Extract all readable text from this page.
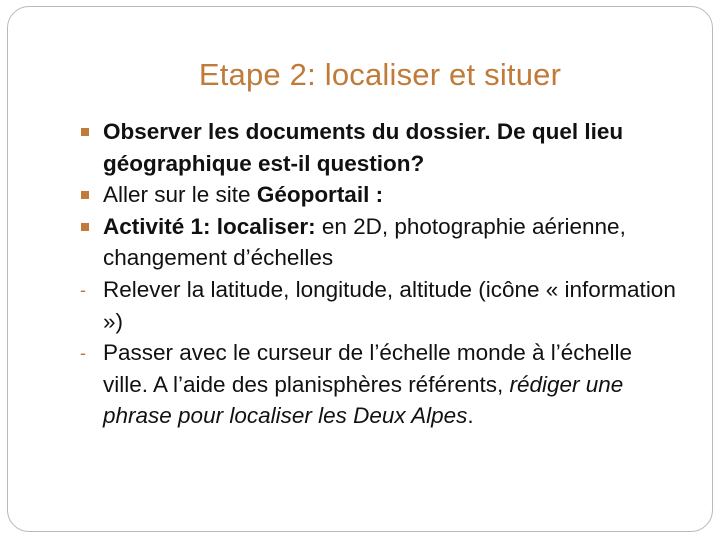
Etape 2: localiser et situer
Observer les documents du dossier. De quel lieu géographique est-il question?
Aller sur le site Géoportail :
Activité 1: localiser: en 2D, photographie aérienne, changement d’échelles
- Relever la latitude, longitude, altitude (icône « information »)
- Passer avec le curseur de l’échelle monde à l’échelle ville. A l’aide des planisphères référents, rédiger une phrase pour localiser les Deux Alpes.
